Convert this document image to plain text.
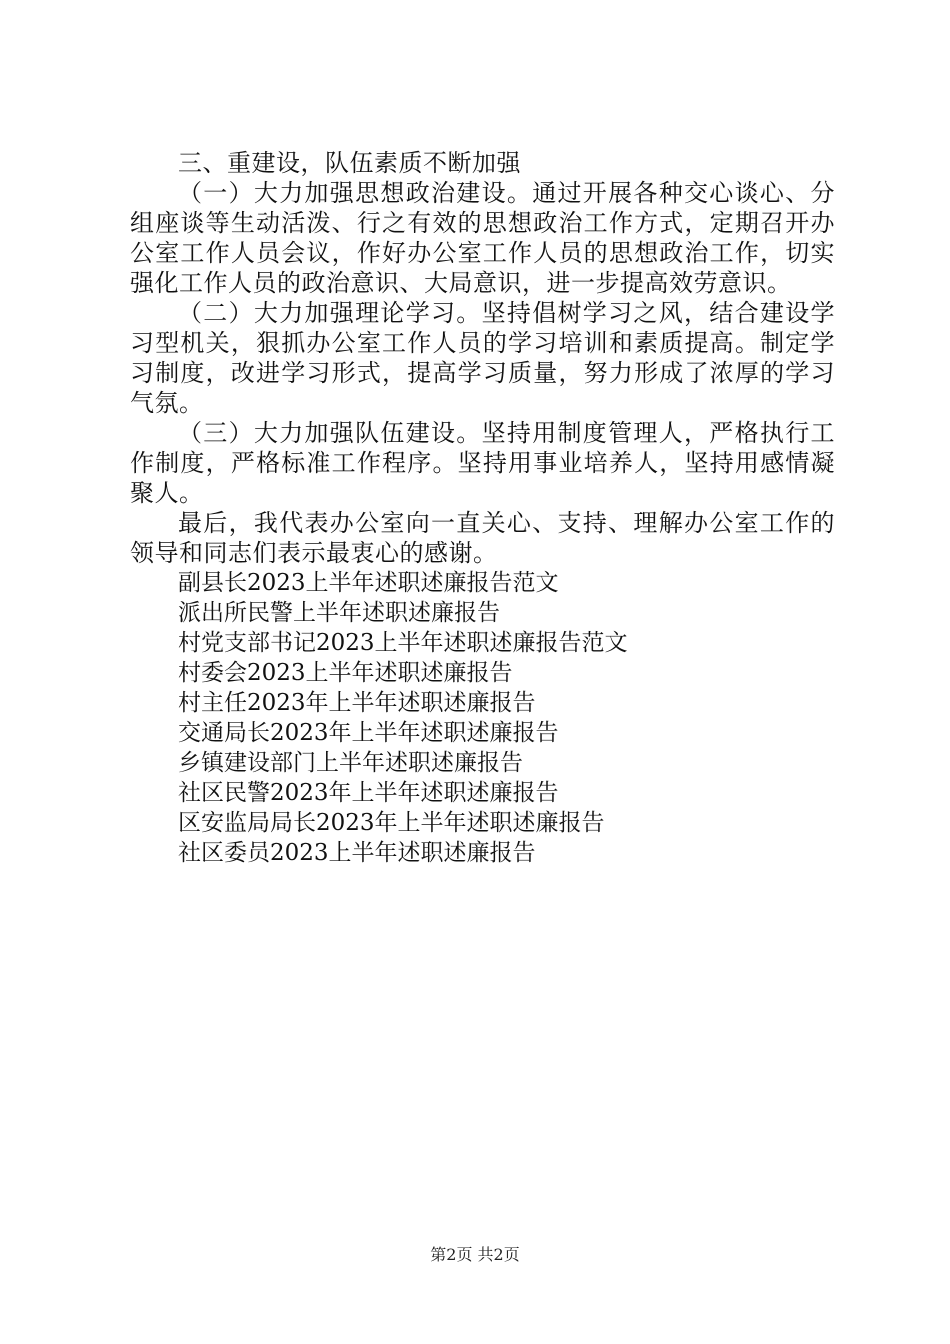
三、重建设，队伍素质不断加强

（一）大力加强思想政治建设。通过开展各种交心谈心、分组座谈等生动活泼、行之有效的思想政治工作方式，定期召开办公室工作人员会议，作好办公室工作人员的思想政治工作，切实强化工作人员的政治意识、大局意识，进一步提高效劳意识。

（二）大力加强理论学习。坚持倡树学习之风，结合建设学习型机关，狠抓办公室工作人员的学习培训和素质提高。制定学习制度，改进学习形式，提高学习质量，努力形成了浓厚的学习气氛。

（三）大力加强队伍建设。坚持用制度管理人，严格执行工作制度，严格标准工作程序。坚持用事业培养人，坚持用感情凝聚人。

最后，我代表办公室向一直关心、支持、理解办公室工作的领导和同志们表示最衷心的感谢。

副县长2023上半年述职述廉报告范文
派出所民警上半年述职述廉报告
村党支部书记2023上半年述职述廉报告范文
村委会2023上半年述职述廉报告
村主任2023年上半年述职述廉报告
交通局长2023年上半年述职述廉报告
乡镇建设部门上半年述职述廉报告
社区民警2023年上半年述职述廉报告
区安监局局长2023年上半年述职述廉报告
社区委员2023上半年述职述廉报告
第2页 共2页
